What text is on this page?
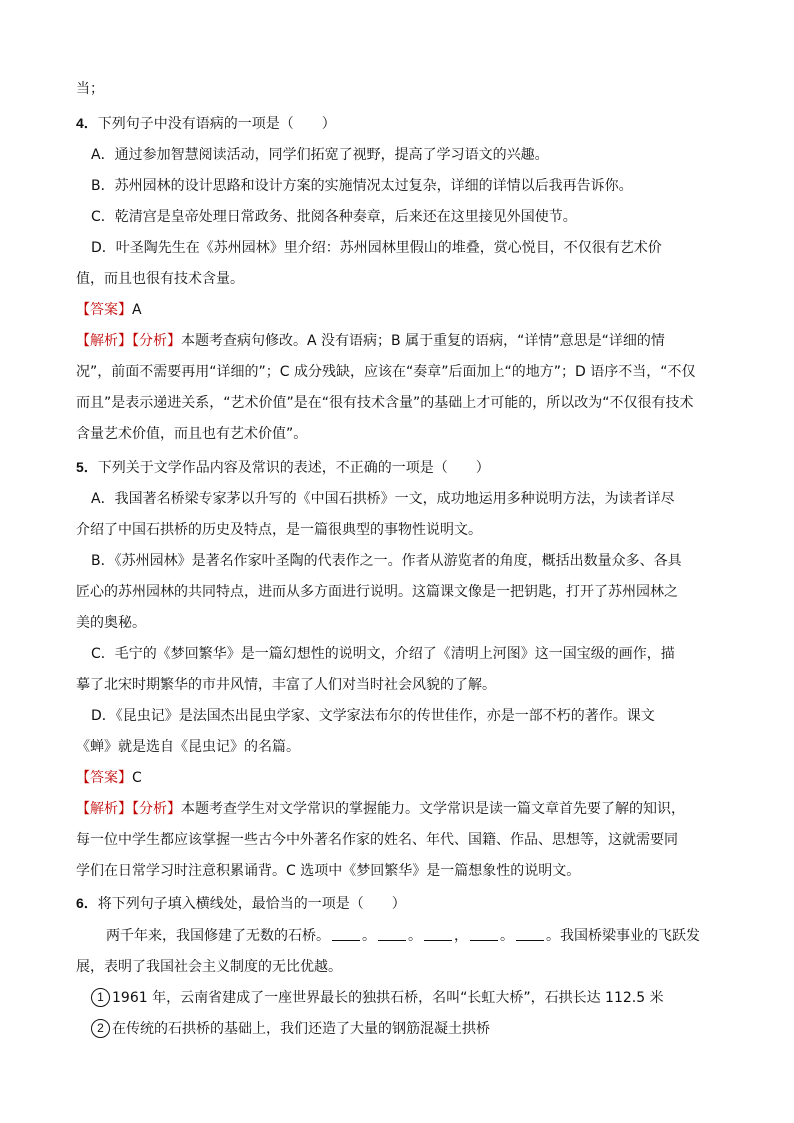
当；
4．下列句子中没有语病的一项是（　　）
A．通过参加智慧阅读活动，同学们拓宽了视野，提高了学习语文的兴趣。
B．苏州园林的设计思路和设计方案的实施情况太过复杂，详细的详情以后我再告诉你。
C．乾清宫是皇帝处理日常政务、批阅各种奏章，后来还在这里接见外国使节。
D．叶圣陶先生在《苏州园林》里介绍：苏州园林里假山的堆叠，赏心悦目，不仅很有艺术价
值，而且也很有技术含量。
【答案】A
【解析】【分析】本题考查病句修改。A 没有语病；B 属于重复的语病，“详情”意思是“详细的情
况”，前面不需要再用“详细的”；C 成分残缺，应该在“奏章”后面加上“的地方”；D 语序不当，“不仅
而且”是表示递进关系，“艺术价值”是在“很有技术含量”的基础上才可能的，所以改为“不仅很有技术
含量艺术价值，而且也有艺术价值”。
5．下列关于文学作品内容及常识的表述，不正确的一项是（　　）
A．我国著名桥梁专家茅以升写的《中国石拱桥》一文，成功地运用多种说明方法，为读者详尽
介绍了中国石拱桥的历史及特点，是一篇很典型的事物性说明文。
B．《苏州园林》是著名作家叶圣陶的代表作之一。作者从游览者的角度，概括出数量众多、各具
匠心的苏州园林的共同特点，进而从多方面进行说明。这篇课文像是一把钥匙，打开了苏州园林之
美的奥秘。
C．毛宁的《梦回繁华》是一篇幻想性的说明文，介绍了《清明上河图》这一国宝级的画作，描
摹了北宋时期繁华的市井风情，丰富了人们对当时社会风貌的了解。
D．《昆虫记》是法国杰出昆虫学家、文学家法布尔的传世佳作，亦是一部不朽的著作。课文
《蝉》就是选自《昆虫记》的名篇。
【答案】C
【解析】【分析】本题考查学生对文学常识的掌握能力。文学常识是读一篇文章首先要了解的知识，
每一位中学生都应该掌握一些古今中外著名作家的姓名、年代、国籍、作品、思想等，这就需要同
学们在日常学习时注意积累诵背。C 选项中《梦回繁华》是一篇想象性的说明文。
6．将下列句子填入横线处，最恰当的一项是（　　）
两千年来，我国修建了无数的石桥。 。 。 ， 。 。我国桥梁事业的飞跃发
展，表明了我国社会主义制度的无比优越。
1 1961 年，云南省建成了一座世界最长的独拱石桥，名叫“长虹大桥”，石拱长达 112.5 米
2 在传统的石拱桥的基础上，我们还造了大量的钢筋混凝土拱桥
